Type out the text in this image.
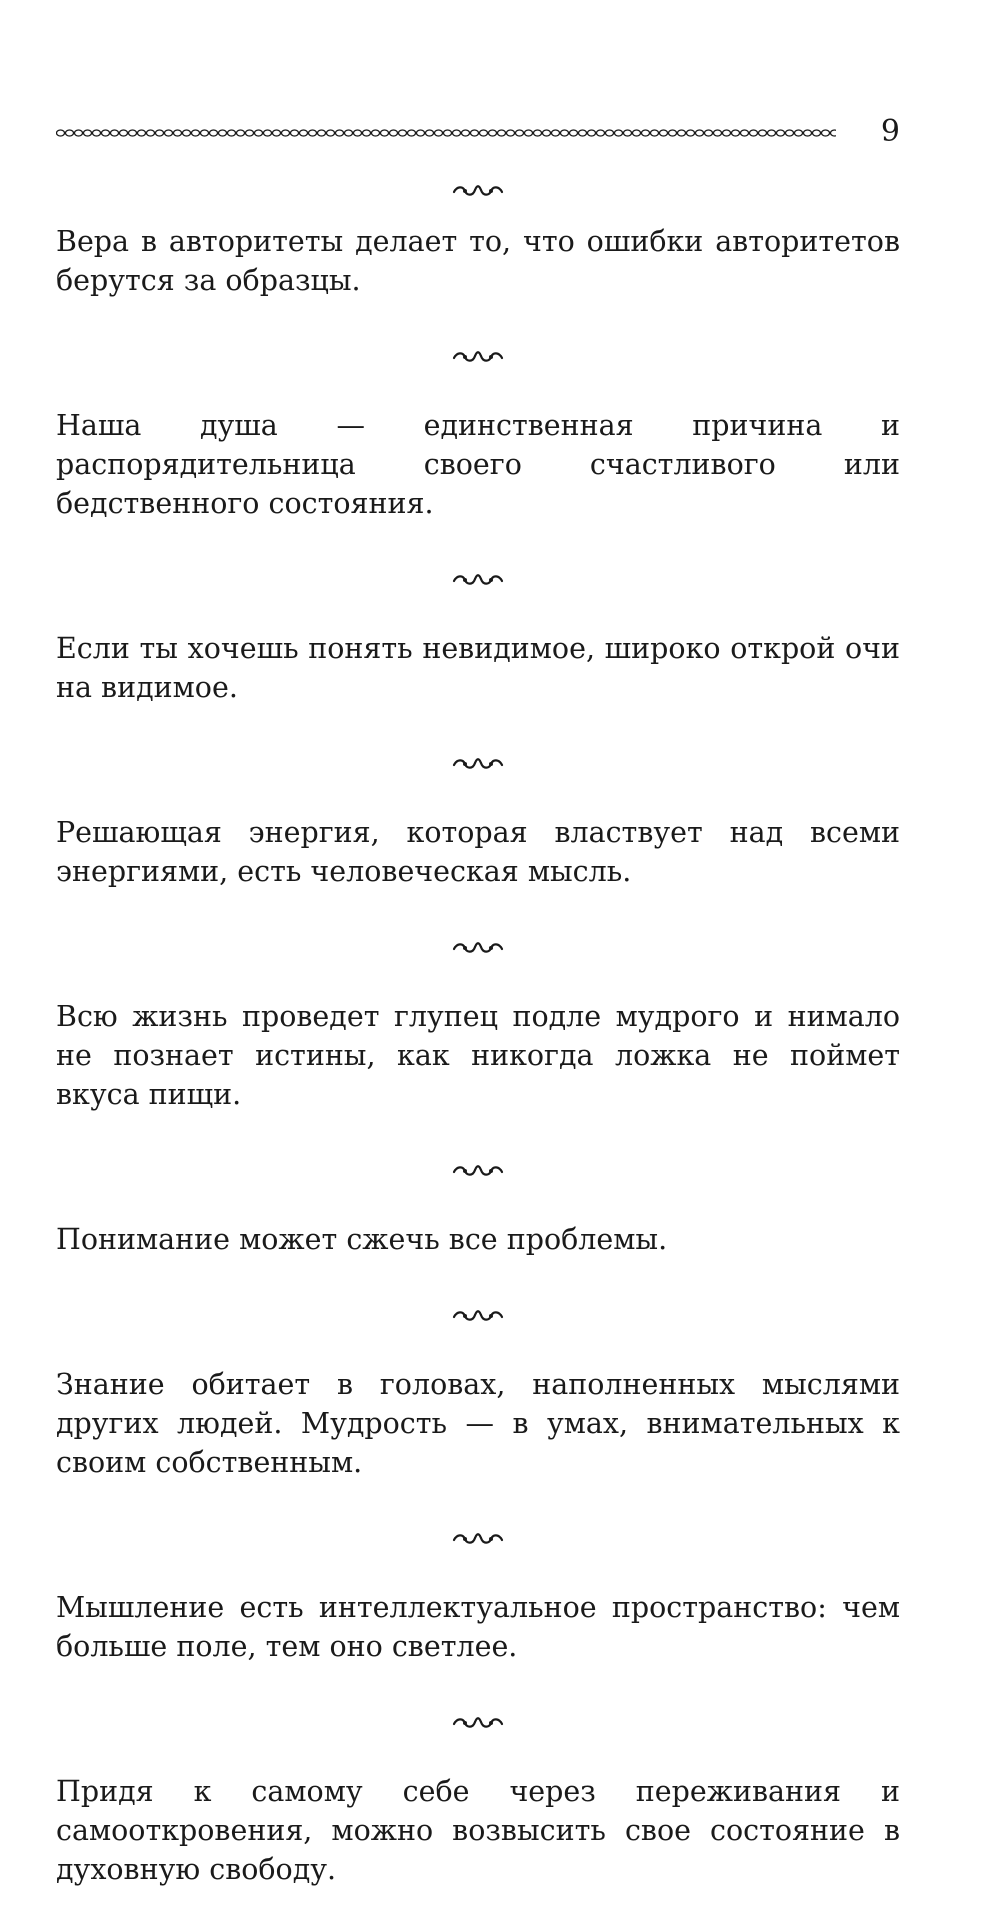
9

Вера в авторитеты делает то, что ошибки авторитетов берутся за образцы.

Наша душа — единственная причина и распорядительница своего счастливого или бедственного состояния.

Если ты хочешь понять невидимое, широко открой очи на видимое.

Решающая энергия, которая властвует над всеми энергиями, есть человеческая мысль.

Всю жизнь проведет глупец подле мудрого и нимало не познает истины, как никогда ложка не поймет вкуса пищи.

Понимание может сжечь все проблемы.

Знание обитает в головах, наполненных мыслями других людей. Мудрость — в умах, внимательных к своим собственным.

Мышление есть интеллектуальное пространство: чем больше поле, тем оно светлее.

Придя к самому себе через переживания и самооткровения, можно возвысить свое состояние в духовную свободу.
